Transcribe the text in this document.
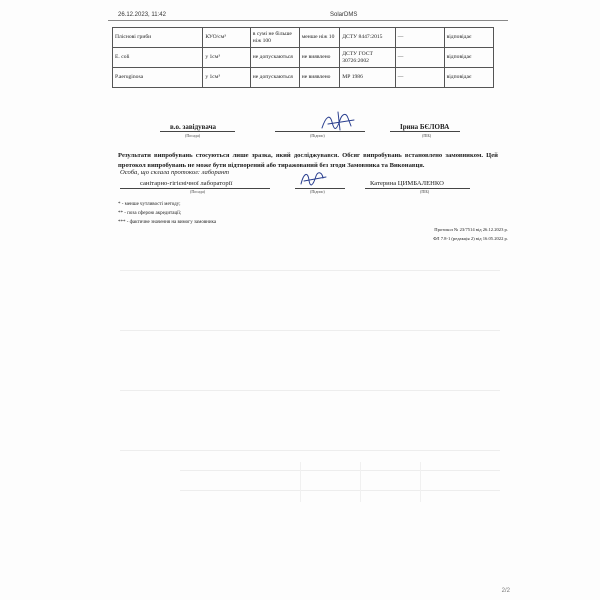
26.12.2023, 11:42	SolarDMS
Пліснові гриби	КУО/см³	в сумі не більше ніж 100	менше ніж 10	ДСТУ 8447:2015	—	відповідає
E. coli	у 1см³	не допускаються	не виявлено	ДСТУ ГОСТ 30726:2002	—	відповідає
P.aeruginosa	у 1см³	не допускаються	не виявлено	МР 1986	—	відповідає
в.о. завідувача	Ірина БЄЛОВА
(Посада)	(Підпис)	(ПІБ)
Результати випробувань стосуються лише зразка, який досліджувався. Обсяг випробувань встановлено замовником. Цей протокол випробувань не може бути відтворений або тиражований без згоди Замовника та Виконавця.
Особа, що склала протокол: лаборант
санітарно-гігієнічної лабораторії	Катерина ЦИМБАЛЕНКО
(Посада)	(Підпис)	(ПІБ)
* - менше чутливості методу;
** - поза сферою акредитації;
*** - фактичне значення на вимогу замовника
Протокол № 23/7514 від 26.12.2023 р.
ФЛ 7.8-1 (редакція 2) від 16.05.2022 р.
2/2
